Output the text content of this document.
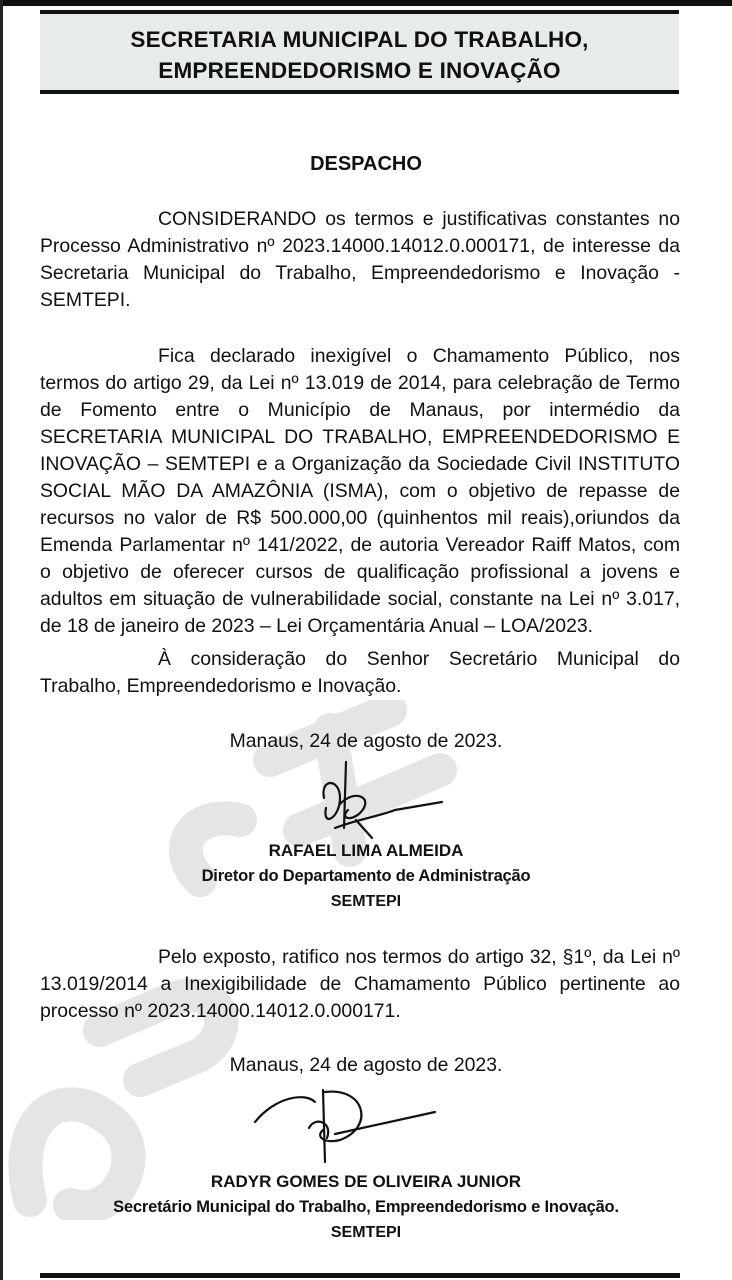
SECRETARIA MUNICIPAL DO TRABALHO,
EMPREENDEDORISMO E INOVAÇÃO
DESPACHO

CONSIDERANDO os termos e justificativas constantes no Processo Administrativo nº 2023.14000.14012.0.000171, de interesse da Secretaria Municipal do Trabalho, Empreendedorismo e Inovação - SEMTEPI.

Fica declarado inexigível o Chamamento Público, nos termos do artigo 29, da Lei nº 13.019 de 2014, para celebração de Termo de Fomento entre o Município de Manaus, por intermédio da SECRETARIA MUNICIPAL DO TRABALHO, EMPREENDEDORISMO E INOVAÇÃO – SEMTEPI e a Organização da Sociedade Civil INSTITUTO SOCIAL MÃO DA AMAZÔNIA (ISMA), com o objetivo de repasse de recursos no valor de R$ 500.000,00 (quinhentos mil reais),oriundos da Emenda Parlamentar nº 141/2022, de autoria Vereador Raiff Matos, com o objetivo de oferecer cursos de qualificação profissional a jovens e adultos em situação de vulnerabilidade social, constante na Lei nº 3.017, de 18 de janeiro de 2023 – Lei Orçamentária Anual – LOA/2023.

À consideração do Senhor Secretário Municipal do Trabalho, Empreendedorismo e Inovação.

Manaus, 24 de agosto de 2023.
RAFAEL LIMA ALMEIDA
Diretor do Departamento de Administração
SEMTEPI

Pelo exposto, ratifico nos termos do artigo 32, §1º, da Lei nº 13.019/2014 a Inexigibilidade de Chamamento Público pertinente ao processo nº 2023.14000.14012.0.000171.

Manaus, 24 de agosto de 2023.
RADYR GOMES DE OLIVEIRA JUNIOR
Secretário Municipal do Trabalho, Empreendedorismo e Inovação.
SEMTEPI
